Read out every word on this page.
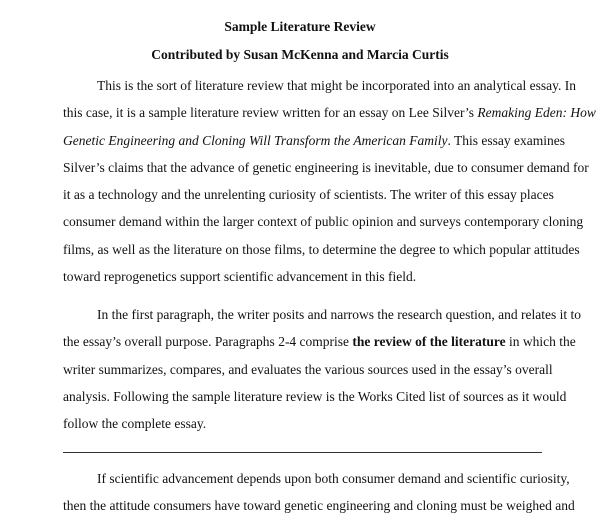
Sample Literature Review
Contributed by Susan McKenna and Marcia Curtis
This is the sort of literature review that might be incorporated into an analytical essay. In
this case, it is a sample literature review written for an essay on Lee Silver’s Remaking Eden: How
Genetic Engineering and Cloning Will Transform the American Family. This essay examines
Silver’s claims that the advance of genetic engineering is inevitable, due to consumer demand for
it as a technology and the unrelenting curiosity of scientists. The writer of this essay places
consumer demand within the larger context of public opinion and surveys contemporary cloning
films, as well as the literature on those films, to determine the degree to which popular attitudes
toward reprogenetics support scientific advancement in this field.
In the first paragraph, the writer posits and narrows the research question, and relates it to
the essay’s overall purpose. Paragraphs 2-4 comprise the review of the literature in which the
writer summarizes, compares, and evaluates the various sources used in the essay’s overall
analysis. Following the sample literature review is the Works Cited list of sources as it would
follow the complete essay.
If scientific advancement depends upon both consumer demand and scientific curiosity,
then the attitude consumers have toward genetic engineering and cloning must be weighed and
